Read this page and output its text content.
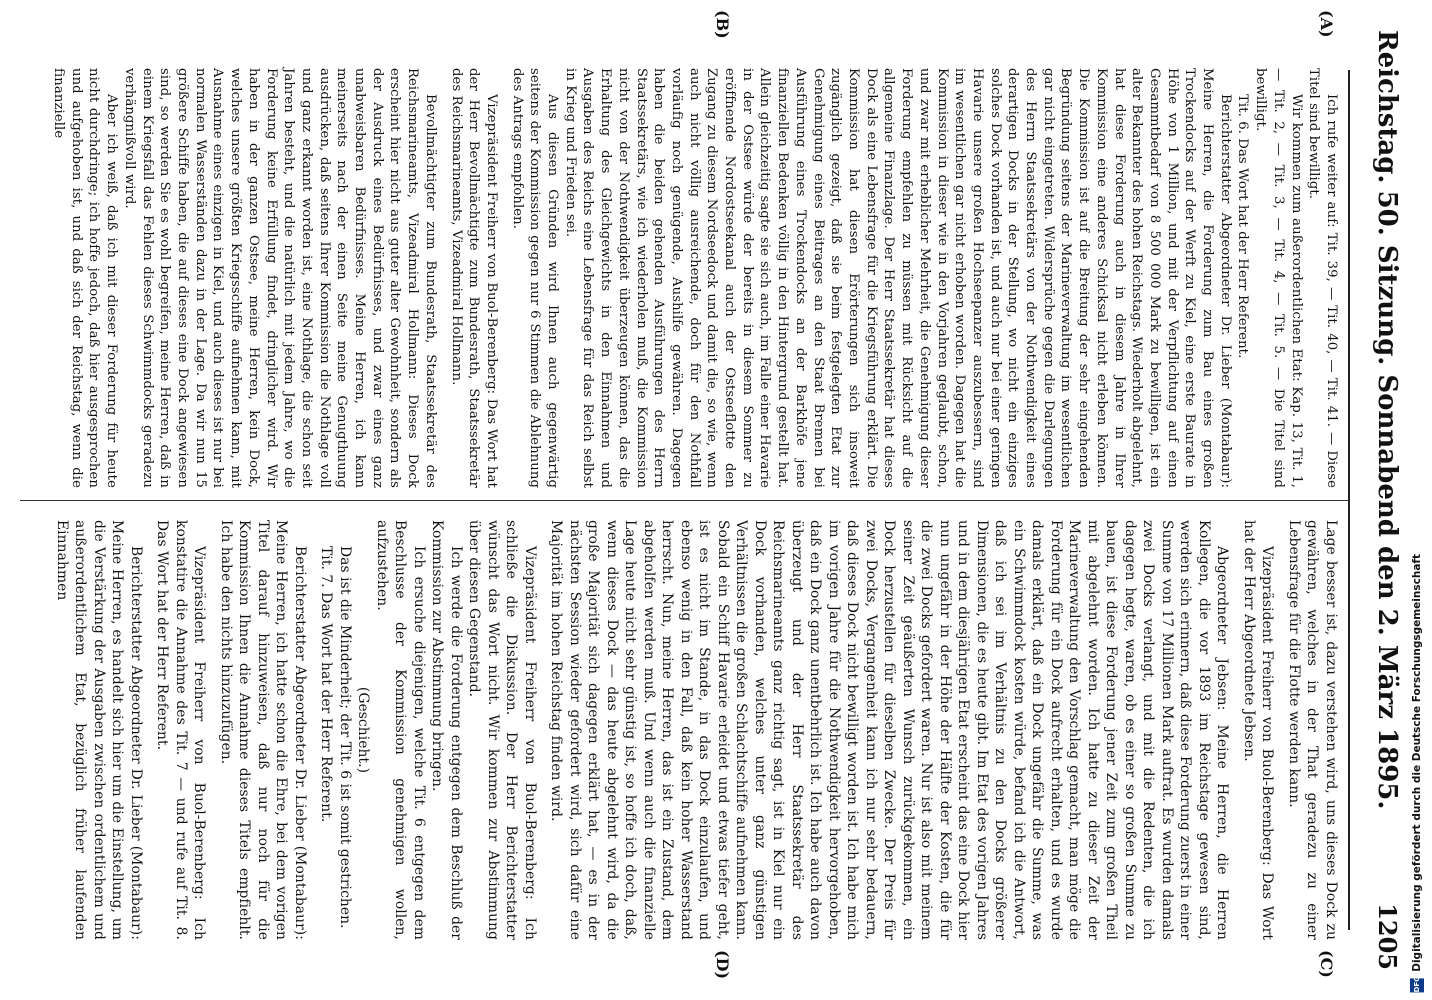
Reichstag.
50. Sitzung. Sonnabend den 2. März 1895.
1205
(A)
(B)
(C)
(D)

Ich rufe weiter auf: Tit. 39, — Tit. 40, — Tit. 41. — Diese Titel sind bewilligt.

Wir kommen zum außerordentlichen Etat: Kap. 13, Tit. 1, — Tit. 2, — Tit. 3, — Tit. 4, — Tit. 5. — Die Titel sind bewilligt.

Tit. 6. Das Wort hat der Herr Referent.

Berichterstatter Abgeordneter Dr. Lieber (Montabaur): Meine Herren, die Forderung zum Bau eines großen Trockendocks auf der Werft zu Kiel, eine erste Baurate in Höhe von 1 Million, und mit der Verpflichtung auf einen Gesammtbedarf von 8 500 000 Mark zu bewilligen, ist ein alter Bekannter des hohen Reichstags. Wiederholt abgelehnt, hat diese Forderung auch in diesem Jahre in Ihrer Kommission eine anderes Schicksal nicht erleben können. Die Kommission ist auf die Breitung der sehr eingehenden Begründung seitens der Marineverwaltung im wesentlichen gar nicht eingetreten. Widersprüche gegen die Darlegungen des Herrn Staatssekretärs von der Nothwendigkeit eines derartigen Docks in der Stellung, wo nicht ein einziges solches Dock vorhanden ist, und auch nur bei einer geringen Havarie unsere großen Hochseepanzer auszubessern, sind im wesentlichen gar nicht erhoben worden. Dagegen hat die Kommission in dieser wie in den Vorjahren geglaubt, schon, und zwar mit erheblicher Mehrheit, die Genehmigung dieser Forderung empfehlen zu müssen mit Rücksicht auf die allgemeine Finanzlage. Der Herr Staatssekretär hat dieses Dock als eine Lebensfrage für die Kriegsführung erklärt. Die Kommission hat diesen Erörterungen sich insoweit zugänglich gezeigt, daß sie beim festgelegten Etat zur Genehmigung eines Beitrages an den Staat Bremen bei Ausführung eines Trockendocks an der Barkhöfe jene finanziellen Bedenken völlig in den Hintergrund gestellt hat. Allein gleichzeitig sagte sie sich auch, im Falle einer Havarie in der Ostsee würde der bereits in diesem Sommer zu eröffnende Nordostseekanal auch der Ostseeflotte den Zugang zu diesem Nordseedock und damit die, so wie, wenn auch nicht völlig ausreichende, doch für den Nothfall vorläufig noch genügende, Aushilfe gewähren. Dagegen haben die beiden gehenden Ausführungen des Herrn Staatssekretärs, wie ich wiederholen muß, die Kommission nicht von der Nothwendigkeit überzeugen können, das die Erhaltung des Gleichgewichts in den Einnahmen und Ausgaben des Reichs eine Lebensfrage für das Reich selbst in Krieg und Frieden sei.

Aus diesen Gründen wird Ihnen auch gegenwärtig seitens der Kommission gegen nur 6 Stimmen die Ablehnung des Antrags empfohlen.

Vizepräsident Freiherr von Buol-Berenberg: Das Wort hat der Herr Bevollmächtigte zum Bundesrath, Staatssekretär des Reichsmarineamts, Vizeadmiral Hollmann.

Bevollmächtigter zum Bundesrath, Staatssekretär des Reichsmarineamts, Vizeadmiral Hollmann: Dieses Dock erscheint hier nicht aus guter alter Gewohnheit, sondern als der Ausdruck eines Bedürfnisses, und zwar eines ganz unabweisbaren Bedürfnisses. Meine Herren, ich kann meinerseits nach der einen Seite meine Genugthuung ausdrücken, daß seitens Ihrer Kommission die Nothlage voll und ganz erkannt worden ist, eine Nothlage, die schon seit Jahren besteht, und die natürlich mit jedem Jahre, wo die Forderung keine Erfüllung findet, dringlicher wird. Wir haben in der ganzen Ostsee, meine Herren, kein Dock, welches unsere größten Kriegsschiffe aufnehmen kann, mit Ausnahme eines einzigen in Kiel, und auch dieses ist nur bei normalen Wasserständen dazu in der Lage. Da wir nun 15 größere Schiffe haben, die auf dieses eine Dock angewiesen sind, so werden Sie es wohl begreifen, meine Herren, daß in einem Kriegsfall das Fehlen dieses Schwimmdocks geradezu verhängnißvoll wird.

Aber ich weiß, daß ich mit dieser Forderung für heute nicht durchdringe; ich hoffe jedoch, daß hier ausgesprochen und aufgehoben ist, und daß sich der Reichstag, wenn die finanzielle

Lage besser ist, dazu verstehen wird, uns dieses Dock zu gewähren, welches in der That geradezu zu einer Lebensfrage für die Flotte werden kann.

Vizepräsident Freiherr von Buol-Berenberg: Das Wort hat der Herr Abgeordnete Jebsen.

Abgeordneter Jebsen: Meine Herren, die Herren Kollegen, die vor 1893 im Reichstage gewesen sind, werden sich erinnern, daß diese Forderung zuerst in einer Summe von 17 Millionen Mark auftrat. Es wurden damals zwei Docks verlangt, und mit die Redenten, die ich dagegen hegte, waren, ob es einer so großen Summe zu bauen, ist diese Forderung jener Zeit zum großen Theil mit abgelehnt worden. Ich hatte zu dieser Zeit der Marineverwaltung den Vorschlag gemacht, man möge die Forderung für ein Dock aufrecht erhalten, und es wurde damals erklärt, daß ein Dock ungefähr die Summe, was ein Schwimmdock kosten würde, befand ich die Antwort, daß ich sei im Verhältnis zu den Docks größerer Dimensionen, die es heute gibt. Im Etat des vorigen Jahres und in dem diesjährigen Etat erscheint das eine Dock hier nun ungefähr in der Höhe der Hälfte der Kosten, die für die zwei Docks gefordert waren. Nur ist also mit meinem seiner Zeit geäußerten Wunsch zurückgekommen, ein Dock herzustellen für dieselben Zwecke. Der Preis für zwei Docks, Vergangenheit kann ich nur sehr bedauern, daß dieses Dock nicht bewilligt worden ist. Ich habe mich im vorigen Jahre für die Nothwendigkeit hervorgehoben, daß ein Dock ganz unentbehrlich ist. Ich habe auch davon überzeugt und der Herr Staatssekretär des Reichsmarineamts ganz richtig sagt, ist in Kiel nur ein Dock vorhanden, welches unter ganz günstigen Verhältnissen die großen Schlachtschiffe aufnehmen kann. Sobald ein Schiff Havarie erleidet und etwas tiefer geht, ist es nicht im Stande, in das Dock einzulaufen, und ebenso wenig in den Fall, daß kein hoher Wasserstand herrscht. Nun, meine Herren, das ist ein Zustand, dem abgeholfen werden muß. Und wenn auch die finanzielle Lage heute nicht sehr günstig ist, so hoffe ich doch, daß, wenn dieses Dock — das heute abgelehnt wird, da die große Majorität sich dagegen erklärt hat, — es in der nächsten Session wieder gefordert wird, sich dafür eine Majorität im hohen Reichstag finden wird.

Vizepräsident Freiherr von Buol-Berenberg: Ich schließe die Diskussion. Der Herr Berichterstatter wünscht das Wort nicht. Wir kommen zur Abstimmung über diesen Gegenstand.

Ich werde die Forderung entgegen dem Beschluß der Kommission zur Abstimmung bringen.

Ich ersuche diejenigen, welche Tit. 6 entgegen dem Beschlusse der Kommission genehmigen wollen, aufzustehen.

(Geschieht.)

Das ist die Minderheit; der Tit. 6 ist somit gestrichen.

Tit. 7. Das Wort hat der Herr Referent.

Berichterstatter Abgeordneter Dr. Lieber (Montabaur): Meine Herren, ich hatte schon die Ehre, bei dem vorigen Titel darauf hinzuweisen, daß nur noch für die Kommission Ihnen die Annahme dieses Titels empfiehlt. Ich habe den nichts hinzuzufügen.

Vizepräsident Freiherr von Buol-Berenberg: Ich konstatire die Annahme des Tit. 7 — und rufe auf Tit. 8. Das Wort hat der Herr Referent.

Berichterstatter Abgeordneter Dr. Lieber (Montabaur): Meine Herren, es handelt sich hier um die Einstellung, um die Verstärkung der Ausgaben zwischen ordentlichem und außerordentlichem Etat, bezüglich früher laufenden Einnahmen

DFG Digitalisierung gefördert durch die Deutsche Forschungsgemeinschaft
